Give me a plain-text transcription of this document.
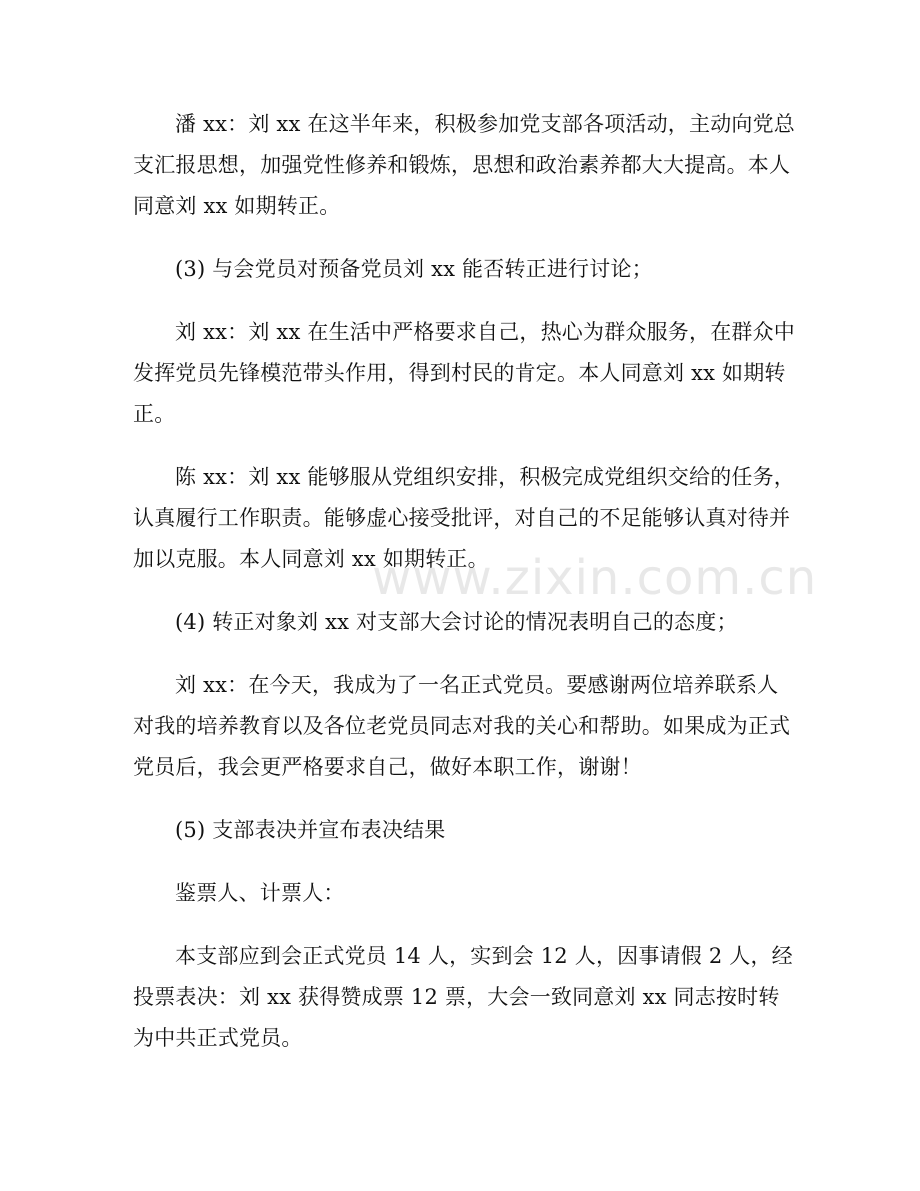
潘 xx：刘 xx 在这半年来，积极参加党支部各项活动，主动向党总支汇报思想，加强党性修养和锻炼，思想和政治素养都大大提高。本人同意刘 xx 如期转正。

(3) 与会党员对预备党员刘 xx 能否转正进行讨论；

刘 xx：刘 xx 在生活中严格要求自己，热心为群众服务，在群众中发挥党员先锋模范带头作用，得到村民的肯定。本人同意刘 xx 如期转正。

陈 xx：刘 xx 能够服从党组织安排，积极完成党组织交给的任务，认真履行工作职责。能够虚心接受批评，对自己的不足能够认真对待并加以克服。本人同意刘 xx 如期转正。

(4) 转正对象刘 xx 对支部大会讨论的情况表明自己的态度；

刘 xx：在今天，我成为了一名正式党员。要感谢两位培养联系人对我的培养教育以及各位老党员同志对我的关心和帮助。如果成为正式党员后，我会更严格要求自己，做好本职工作，谢谢！

(5) 支部表决并宣布表决结果

鉴票人、计票人：

本支部应到会正式党员 14 人，实到会 12 人，因事请假 2 人，经投票表决：刘 xx 获得赞成票 12 票，大会一致同意刘 xx 同志按时转为中共正式党员。

www.zixin.com.cn
